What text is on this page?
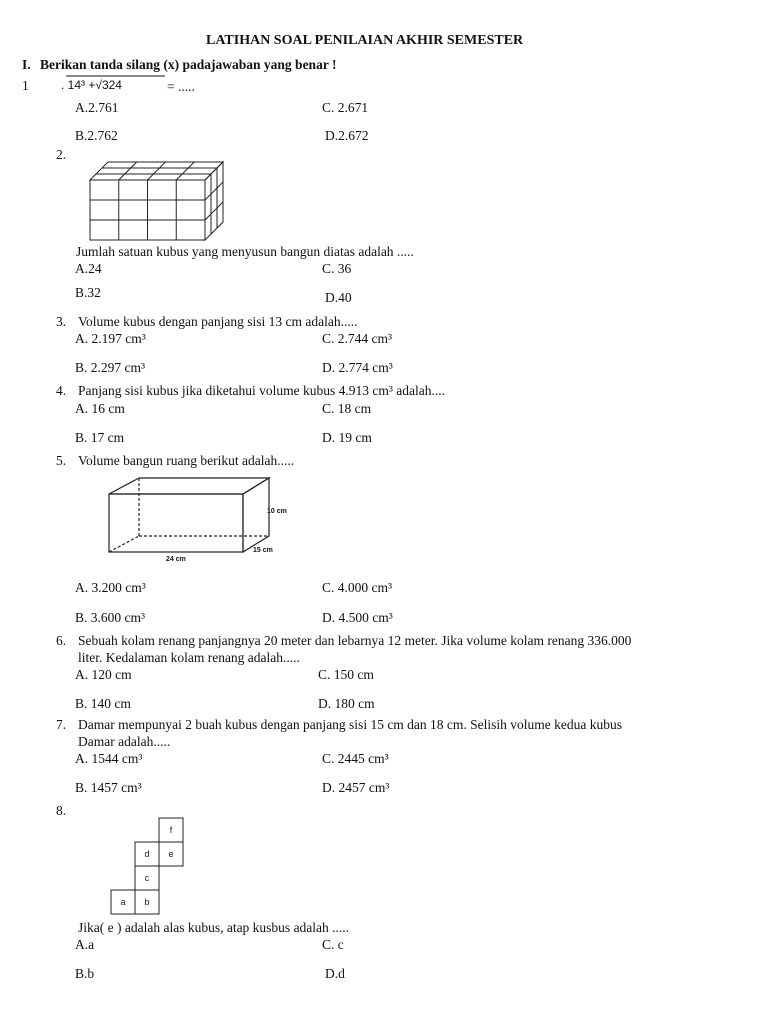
LATIHAN SOAL PENILAIAN AKHIR SEMESTER
I. Berikan tanda silang (x) padajawaban yang benar !
1	. 14³ +√324	= .....
A.2.761	C. 2.671
B.2.762	D.2.672
2.
Jumlah satuan kubus yang menyusun bangun diatas adalah .....
A.24	C. 36
B.32	D.40
3. Volume kubus dengan panjang sisi 13 cm adalah.....
A. 2.197 cm³	C. 2.744 cm³
B. 2.297 cm³	D. 2.774 cm³
4. Panjang sisi kubus jika diketahui volume kubus 4.913 cm³ adalah....
A. 16 cm	C. 18 cm
B. 17 cm	D. 19 cm
5. Volume bangun ruang berikut adalah.....
10 cm
15 cm
24 cm
A. 3.200 cm³	C. 4.000 cm³
B. 3.600 cm³	D. 4.500 cm³
6. Sebuah kolam renang panjangnya 20 meter dan lebarnya 12 meter. Jika volume kolam renang 336.000
liter. Kedalaman kolam renang adalah.....
A. 120 cm	C. 150 cm
B. 140 cm	D. 180 cm
7. Damar mempunyai 2 buah kubus dengan panjang sisi 15 cm dan 18 cm. Selisih volume kedua kubus
Damar adalah.....
A. 1544 cm³	C. 2445 cm³
B. 1457 cm³	D. 2457 cm³
8.
f
d e
c
a b
Jika( e ) adalah alas kubus, atap kusbus adalah .....
A.a	C. c
B.b	D.d
